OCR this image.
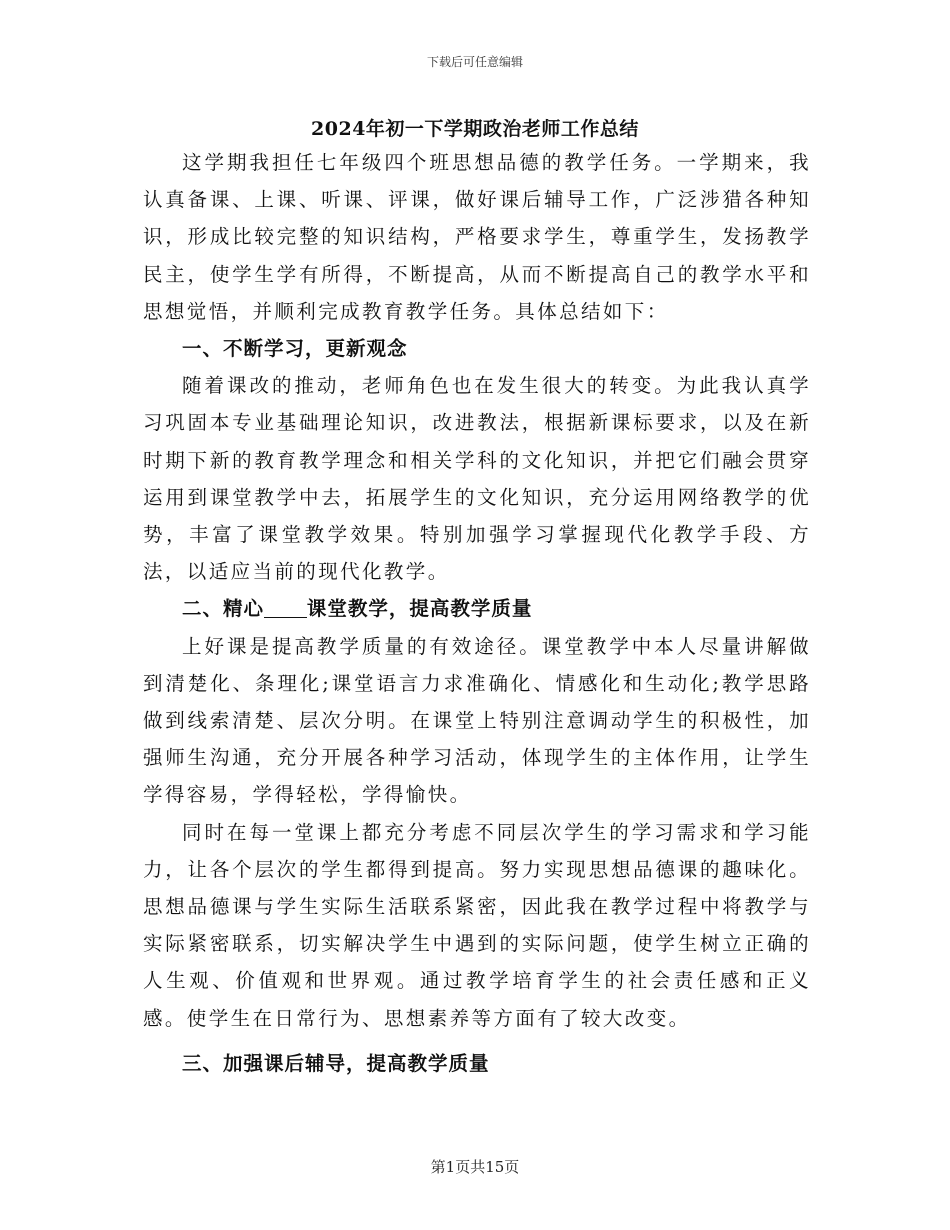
下载后可任意编辑
2024年初一下学期政治老师工作总结

这学期我担任七年级四个班思想品德的教学任务。一学期来，我认真备课、上课、听课、评课，做好课后辅导工作，广泛涉猎各种知识，形成比较完整的知识结构，严格要求学生，尊重学生，发扬教学民主，使学生学有所得，不断提高，从而不断提高自己的教学水平和思想觉悟，并顺利完成教育教学任务。具体总结如下：

一、不断学习，更新观念

随着课改的推动，老师角色也在发生很大的转变。为此我认真学习巩固本专业基础理论知识，改进教法，根据新课标要求，以及在新时期下新的教育教学理念和相关学科的文化知识，并把它们融会贯穿运用到课堂教学中去，拓展学生的文化知识，充分运用网络教学的优势，丰富了课堂教学效果。特别加强学习掌握现代化教学手段、方法，以适应当前的现代化教学。

二、精心 课堂教学，提高教学质量

上好课是提高教学质量的有效途径。课堂教学中本人尽量讲解做到清楚化、条理化;课堂语言力求准确化、情感化和生动化;教学思路做到线索清楚、层次分明。在课堂上特别注意调动学生的积极性，加强师生沟通，充分开展各种学习活动，体现学生的主体作用，让学生学得容易，学得轻松，学得愉快。

同时在每一堂课上都充分考虑不同层次学生的学习需求和学习能力，让各个层次的学生都得到提高。努力实现思想品德课的趣味化。思想品德课与学生实际生活联系紧密，因此我在教学过程中将教学与实际紧密联系，切实解决学生中遇到的实际问题，使学生树立正确的人生观、价值观和世界观。通过教学培育学生的社会责任感和正义感。使学生在日常行为、思想素养等方面有了较大改变。

三、加强课后辅导，提高教学质量

第1页共15页
